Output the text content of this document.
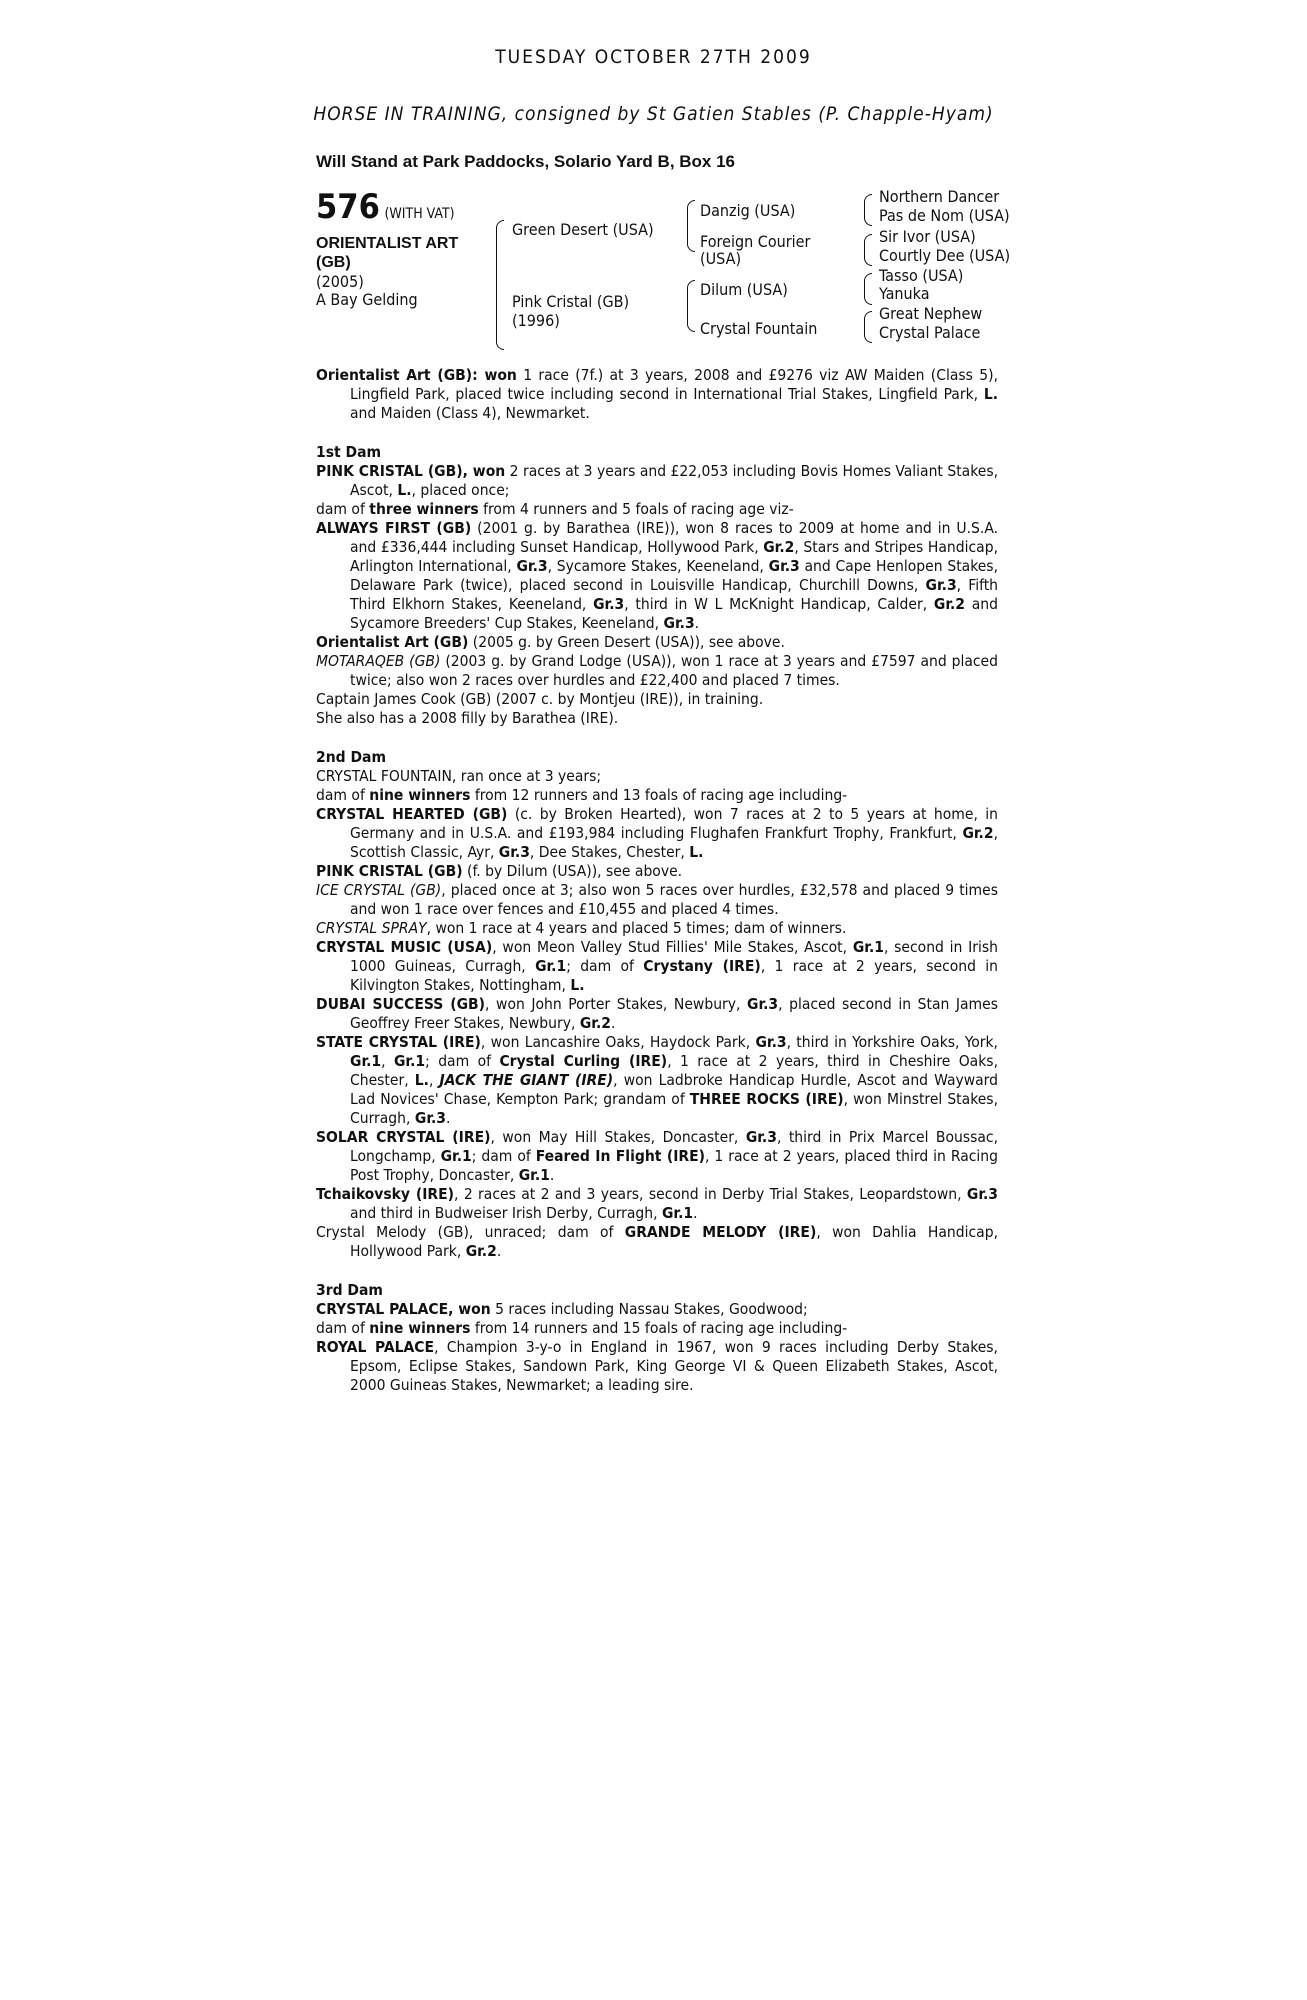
TUESDAY OCTOBER 27TH 2009
HORSE IN TRAINING, consigned by St Gatien Stables (P. Chapple-Hyam)
Will Stand at Park Paddocks, Solario Yard B, Box 16
576 (WITH VAT)
ORIENTALIST ART
(GB)
(2005)
A Bay Gelding
Green Desert (USA)
Pink Cristal (GB)
(1996)
Danzig (USA)
Foreign Courier
(USA)
Dilum (USA)
Crystal Fountain
Northern Dancer
Pas de Nom (USA)
Sir Ivor (USA)
Courtly Dee (USA)
Tasso (USA)
Yanuka
Great Nephew
Crystal Palace

Orientalist Art (GB): won 1 race (7f.) at 3 years, 2008 and £9276 viz AW Maiden (Class 5), Lingfield Park, placed twice including second in International Trial Stakes, Lingfield Park, L. and Maiden (Class 4), Newmarket.

1st Dam

PINK CRISTAL (GB), won 2 races at 3 years and £22,053 including Bovis Homes Valiant Stakes, Ascot, L., placed once;

dam of three winners from 4 runners and 5 foals of racing age viz-

ALWAYS FIRST (GB) (2001 g. by Barathea (IRE)), won 8 races to 2009 at home and in U.S.A. and £336,444 including Sunset Handicap, Hollywood Park, Gr.2, Stars and Stripes Handicap, Arlington International, Gr.3, Sycamore Stakes, Keeneland, Gr.3 and Cape Henlopen Stakes, Delaware Park (twice), placed second in Louisville Handicap, Churchill Downs, Gr.3, Fifth Third Elkhorn Stakes, Keeneland, Gr.3, third in W L McKnight Handicap, Calder, Gr.2 and Sycamore Breeders' Cup Stakes, Keeneland, Gr.3.

Orientalist Art (GB) (2005 g. by Green Desert (USA)), see above.

MOTARAQEB (GB) (2003 g. by Grand Lodge (USA)), won 1 race at 3 years and £7597 and placed twice; also won 2 races over hurdles and £22,400 and placed 7 times.

Captain James Cook (GB) (2007 c. by Montjeu (IRE)), in training.

She also has a 2008 filly by Barathea (IRE).

2nd Dam

CRYSTAL FOUNTAIN, ran once at 3 years;

dam of nine winners from 12 runners and 13 foals of racing age including-

CRYSTAL HEARTED (GB) (c. by Broken Hearted), won 7 races at 2 to 5 years at home, in Germany and in U.S.A. and £193,984 including Flughafen Frankfurt Trophy, Frankfurt, Gr.2, Scottish Classic, Ayr, Gr.3, Dee Stakes, Chester, L.

PINK CRISTAL (GB) (f. by Dilum (USA)), see above.

ICE CRYSTAL (GB), placed once at 3; also won 5 races over hurdles, £32,578 and placed 9 times and won 1 race over fences and £10,455 and placed 4 times.

CRYSTAL SPRAY, won 1 race at 4 years and placed 5 times; dam of winners.

CRYSTAL MUSIC (USA), won Meon Valley Stud Fillies' Mile Stakes, Ascot, Gr.1, second in Irish 1000 Guineas, Curragh, Gr.1; dam of Crystany (IRE), 1 race at 2 years, second in Kilvington Stakes, Nottingham, L.

DUBAI SUCCESS (GB), won John Porter Stakes, Newbury, Gr.3, placed second in Stan James Geoffrey Freer Stakes, Newbury, Gr.2.

STATE CRYSTAL (IRE), won Lancashire Oaks, Haydock Park, Gr.3, third in Yorkshire Oaks, York, Gr.1, Gr.1; dam of Crystal Curling (IRE), 1 race at 2 years, third in Cheshire Oaks, Chester, L., JACK THE GIANT (IRE), won Ladbroke Handicap Hurdle, Ascot and Wayward Lad Novices' Chase, Kempton Park; grandam of THREE ROCKS (IRE), won Minstrel Stakes, Curragh, Gr.3.

SOLAR CRYSTAL (IRE), won May Hill Stakes, Doncaster, Gr.3, third in Prix Marcel Boussac, Longchamp, Gr.1; dam of Feared In Flight (IRE), 1 race at 2 years, placed third in Racing Post Trophy, Doncaster, Gr.1.

Tchaikovsky (IRE), 2 races at 2 and 3 years, second in Derby Trial Stakes, Leopardstown, Gr.3 and third in Budweiser Irish Derby, Curragh, Gr.1.

Crystal Melody (GB), unraced; dam of GRANDE MELODY (IRE), won Dahlia Handicap, Hollywood Park, Gr.2.

3rd Dam

CRYSTAL PALACE, won 5 races including Nassau Stakes, Goodwood;

dam of nine winners from 14 runners and 15 foals of racing age including-

ROYAL PALACE, Champion 3-y-o in England in 1967, won 9 races including Derby Stakes, Epsom, Eclipse Stakes, Sandown Park, King George VI & Queen Elizabeth Stakes, Ascot, 2000 Guineas Stakes, Newmarket; a leading sire.
